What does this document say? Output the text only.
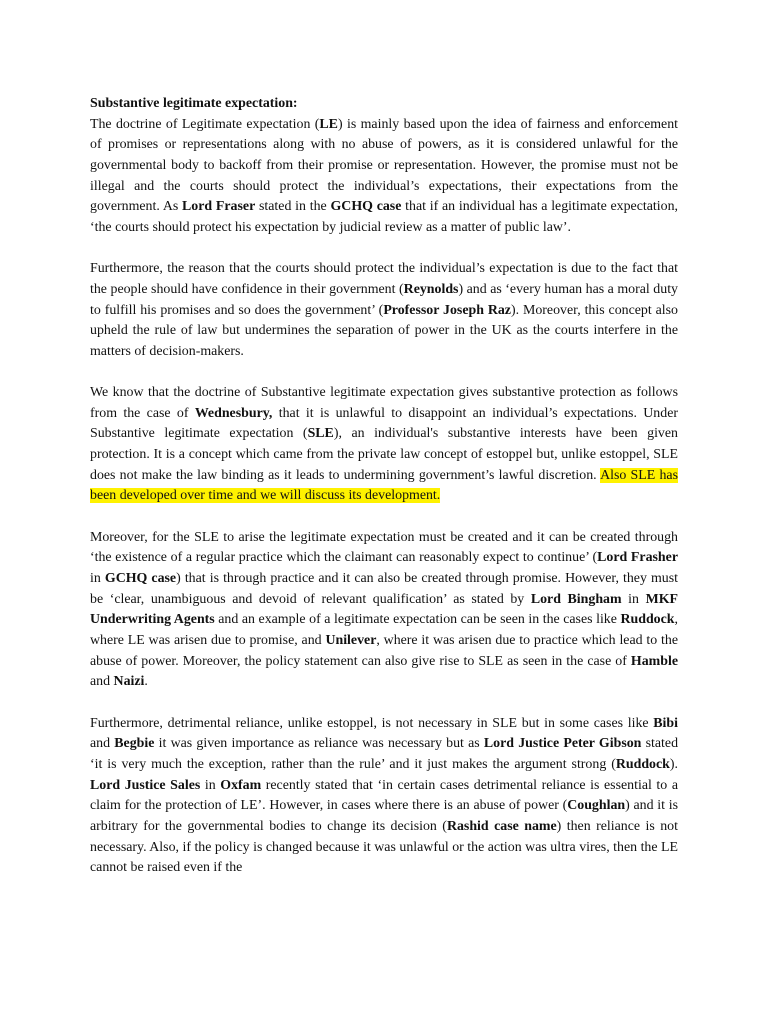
Substantive legitimate expectation:

The doctrine of Legitimate expectation (LE) is mainly based upon the idea of fairness and enforcement of promises or representations along with no abuse of powers, as it is considered unlawful for the governmental body to backoff from their promise or representation. However, the promise must not be illegal and the courts should protect the individual’s expectations, their expectations from the government. As Lord Fraser stated in the GCHQ case that if an individual has a legitimate expectation, ‘the courts should protect his expectation by judicial review as a matter of public law’.

Furthermore, the reason that the courts should protect the individual’s expectation is due to the fact that the people should have confidence in their government (Reynolds) and as ‘every human has a moral duty to fulfill his promises and so does the government’ (Professor Joseph Raz). Moreover, this concept also upheld the rule of law but undermines the separation of power in the UK as the courts interfere in the matters of decision-makers.

We know that the doctrine of Substantive legitimate expectation gives substantive protection as follows from the case of Wednesbury, that it is unlawful to disappoint an individual’s expectations. Under Substantive legitimate expectation (SLE), an individual's substantive interests have been given protection. It is a concept which came from the private law concept of estoppel but, unlike estoppel, SLE does not make the law binding as it leads to undermining government’s lawful discretion. Also SLE has been developed over time and we will discuss its development.

Moreover, for the SLE to arise the legitimate expectation must be created and it can be created through ‘the existence of a regular practice which the claimant can reasonably expect to continue’ (Lord Frasher in GCHQ case) that is through practice and it can also be created through promise. However, they must be ‘clear, unambiguous and devoid of relevant qualification’ as stated by Lord Bingham in MKF Underwriting Agents and an example of a legitimate expectation can be seen in the cases like Ruddock, where LE was arisen due to promise, and Unilever, where it was arisen due to practice which lead to the abuse of power. Moreover, the policy statement can also give rise to SLE as seen in the case of Hamble and Naizi.

Furthermore, detrimental reliance, unlike estoppel, is not necessary in SLE but in some cases like Bibi and Begbie it was given importance as reliance was necessary but as Lord Justice Peter Gibson stated ‘it is very much the exception, rather than the rule’ and it just makes the argument strong (Ruddock). Lord Justice Sales in Oxfam recently stated that ‘in certain cases detrimental reliance is essential to a claim for the protection of LE’. However, in cases where there is an abuse of power (Coughlan) and it is arbitrary for the governmental bodies to change its decision (Rashid case name) then reliance is not necessary. Also, if the policy is changed because it was unlawful or the action was ultra vires, then the LE cannot be raised even if the
